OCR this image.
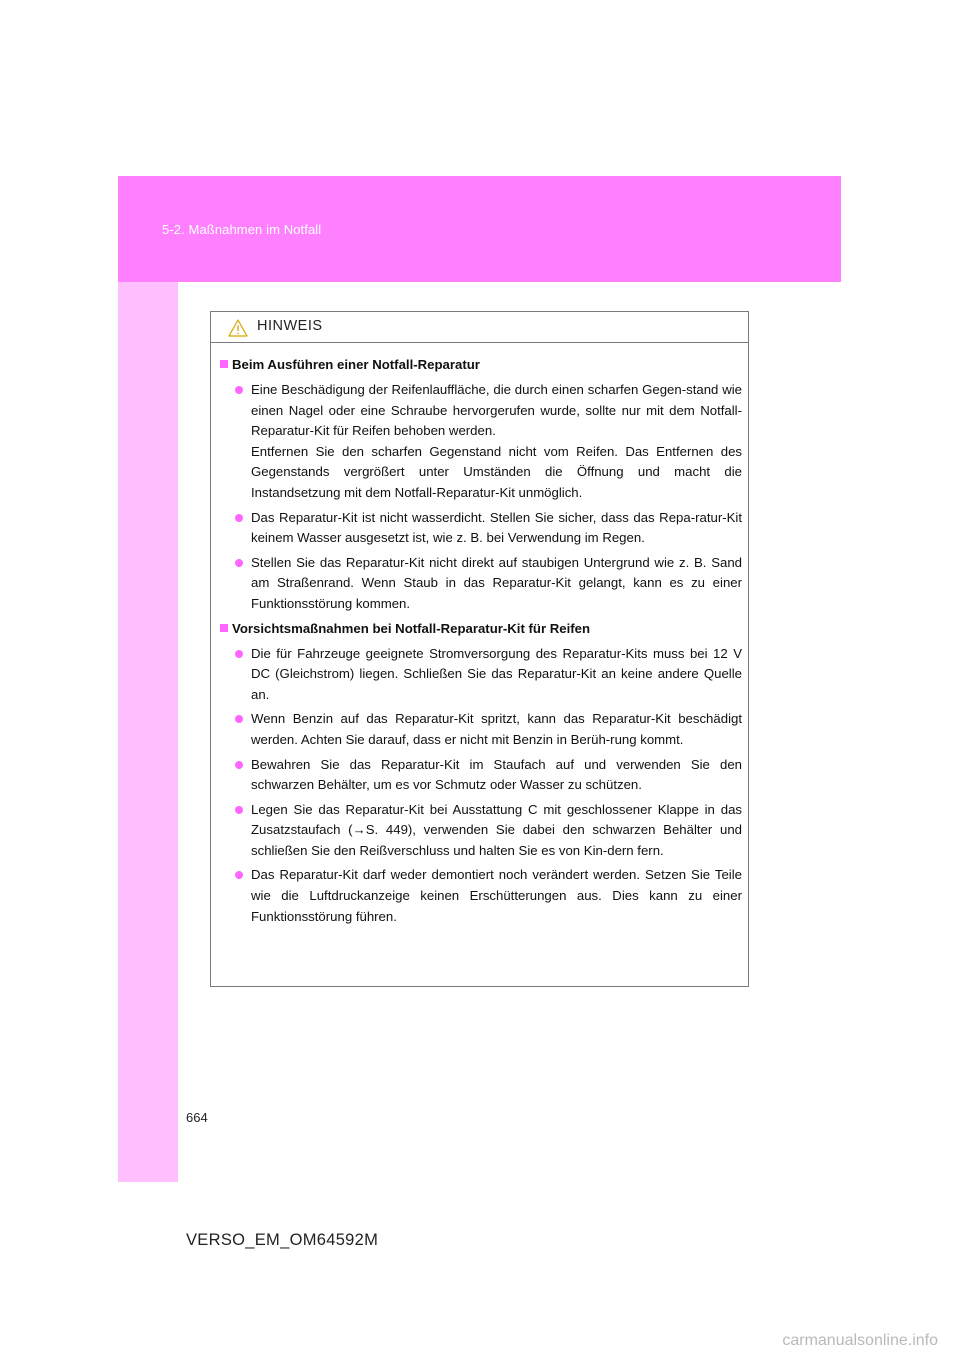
5-2. Maßnahmen im Notfall
HINWEIS
Beim Ausführen einer Notfall-Reparatur

Eine Beschädigung der Reifenlauffläche, die durch einen scharfen Gegen-stand wie einen Nagel oder eine Schraube hervorgerufen wurde, sollte nur mit dem Notfall-Reparatur-Kit für Reifen behoben werden.

Entfernen Sie den scharfen Gegenstand nicht vom Reifen. Das Entfernen des Gegenstands vergrößert unter Umständen die Öffnung und macht die Instandsetzung mit dem Notfall-Reparatur-Kit unmöglich.

Das Reparatur-Kit ist nicht wasserdicht. Stellen Sie sicher, dass das Repa-ratur-Kit keinem Wasser ausgesetzt ist, wie z. B. bei Verwendung im Regen.

Stellen Sie das Reparatur-Kit nicht direkt auf staubigen Untergrund wie z. B. Sand am Straßenrand. Wenn Staub in das Reparatur-Kit gelangt, kann es zu einer Funktionsstörung kommen.

Vorsichtsmaßnahmen bei Notfall-Reparatur-Kit für Reifen

Die für Fahrzeuge geeignete Stromversorgung des Reparatur-Kits muss bei 12 V DC (Gleichstrom) liegen. Schließen Sie das Reparatur-Kit an keine andere Quelle an.

Wenn Benzin auf das Reparatur-Kit spritzt, kann das Reparatur-Kit beschädigt werden. Achten Sie darauf, dass er nicht mit Benzin in Berüh-rung kommt.

Bewahren Sie das Reparatur-Kit im Staufach auf und verwenden Sie den schwarzen Behälter, um es vor Schmutz oder Wasser zu schützen.

Legen Sie das Reparatur-Kit bei Ausstattung C mit geschlossener Klappe in das Zusatzstaufach (→S. 449), verwenden Sie dabei den schwarzen Behälter und schließen Sie den Reißverschluss und halten Sie es von Kin-dern fern.

Das Reparatur-Kit darf weder demontiert noch verändert werden. Setzen Sie Teile wie die Luftdruckanzeige keinen Erschütterungen aus. Dies kann zu einer Funktionsstörung führen.

664
VERSO_EM_OM64592M
carmanualsonline.info
